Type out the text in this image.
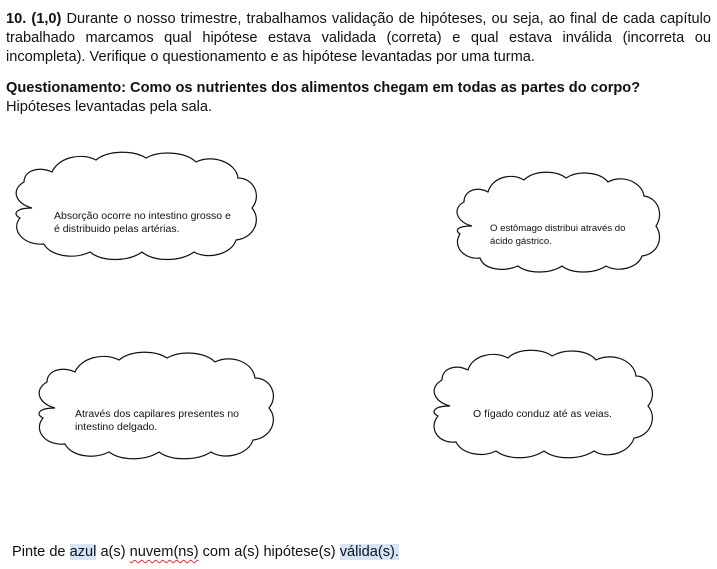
10. (1,0) Durante o nosso trimestre, trabalhamos validação de hipóteses, ou seja, ao final de cada capítulo trabalhado marcamos qual hipótese estava validada (correta) e qual estava inválida (incorreta ou incompleta). Verifique o questionamento e as hipótese levantadas por uma turma.

Questionamento: Como os nutrientes dos alimentos chegam em todas as partes do corpo?

Hipóteses levantadas pela sala.

Absorção ocorre no intestino grosso e é distribuido pelas artérias.	O estômago distribui através do ácido gástrico.
Através dos capilares presentes no intestino delgado.
O fígado conduz até as veias.
Pinte de azul a(s) nuvem(ns) com a(s) hipótese(s) válida(s).
